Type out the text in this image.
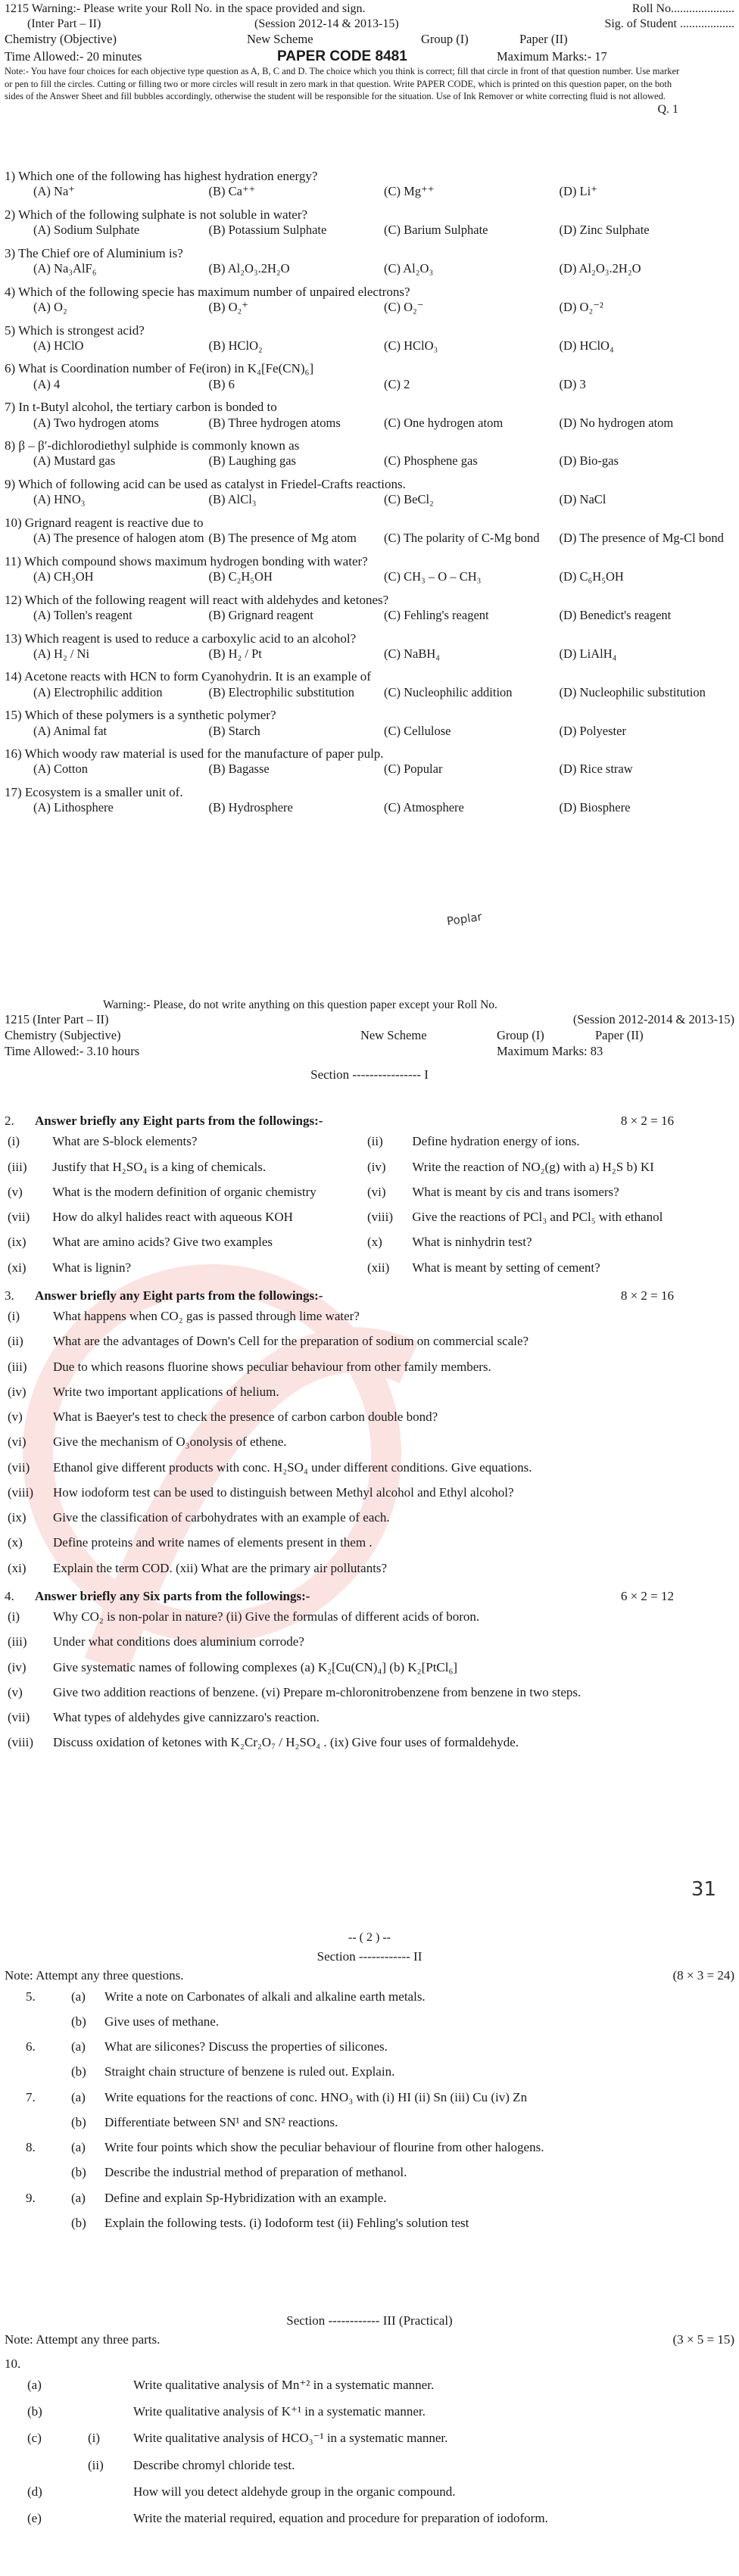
1215 Warning:- Please write your Roll No. in the space provided and sign.	Roll No.....................
(Inter Part – II)	(Session 2012-14 & 2013-15)	Sig. of Student ..................
Chemistry (Objective)	New Scheme	Group (I)	Paper (II)
Time Allowed:- 20 minutes	PAPER CODE 8481	Maximum Marks:- 17
Note:- You have four choices for each objective type question as A, B, C and D. The choice which you think is correct; fill that circle in front of that question number. Use marker or pen to fill the circles. Cutting or filling two or more circles will result in zero mark in that question. Write PAPER CODE, which is printed on this question paper, on the both sides of the Answer Sheet and fill bubbles accordingly, otherwise the student will be responsible for the situation. Use of Ink Remover or white correcting fluid is not allowed.
Q. 1
1) Which one of the following has highest hydration energy?
(A) Na⁺	(B) Ca⁺⁺	(C) Mg⁺⁺	(D) Li⁺
2) Which of the following sulphate is not soluble in water?
(A) Sodium Sulphate	(B) Potassium Sulphate	(C) Barium Sulphate	(D) Zinc Sulphate
3) The Chief ore of Aluminium is?
(A) Na₃AlF₆	(B) Al₂O₃.2H₂O	(C) Al₂O₃	(D) Al₂O₃.2H₂O
4) Which of the following specie has maximum number of unpaired electrons?
(A) O₂	(B) O₂⁺	(C) O₂⁻	(D) O₂⁻²
5) Which is strongest acid?
(A) HClO	(B) HClO₂	(C) HClO₃	(D) HClO₄
6) What is Coordination number of Fe(iron) in K₄[Fe(CN)₆]
(A) 4	(B) 6	(C) 2	(D) 3
7) In t-Butyl alcohol, the tertiary carbon is bonded to
(A) Two hydrogen atoms	(B) Three hydrogen atoms	(C) One hydrogen atom	(D) No hydrogen atom
8) β – β′-dichlorodiethyl sulphide is commonly known as
(A) Mustard gas	(B) Laughing gas	(C) Phosphene gas	(D) Bio-gas
9) Which of following acid can be used as catalyst in Friedel-Crafts reactions.
(A) HNO₃	(B) AlCl₃	(C) BeCl₂	(D) NaCl
10) Grignard reagent is reactive due to
(A) The presence of halogen atom (B) The presence of Mg atom	(C) The polarity of C-Mg bond	(D) The presence of Mg-Cl bond
11) Which compound shows maximum hydrogen bonding with water?
(A) CH₃OH	(B) C₂H₅OH	(C) CH₃ – O – CH₃	(D) C₆H₅OH
12) Which of the following reagent will react with aldehydes and ketones?
(A) Tollen's reagent	(B) Grignard reagent	(C) Fehling's reagent	(D) Benedict's reagent
13) Which reagent is used to reduce a carboxylic acid to an alcohol?
(A) H₂ / Ni	(B) H₂ / Pt	(C) NaBH₄	(D) LiAlH₄
14) Acetone reacts with HCN to form Cyanohydrin. It is an example of
(A) Electrophilic addition	(B) Electrophilic substitution	(C) Nucleophilic addition	(D) Nucleophilic substitution
15) Which of these polymers is a synthetic polymer?
(A) Animal fat	(B) Starch	(C) Cellulose	(D) Polyester
16) Which woody raw material is used for the manufacture of paper pulp.
(A) Cotton	(B) Bagasse	(C) Popular	(D) Rice straw
17) Ecosystem is a smaller unit of.
(A) Lithosphere	(B) Hydrosphere	(C) Atmosphere	(D) Biosphere
Poplar
Warning:- Please, do not write anything on this question paper except your Roll No.
1215 (Inter Part – II)	(Session 2012-2014 & 2013-15)
Chemistry (Subjective)	New Scheme	Group (I)	Paper (II)
Time Allowed:- 3.10 hours	Maximum Marks: 83
Section ---------------- I
2.	Answer briefly any Eight parts from the followings:-	8 × 2 = 16
(i)	What are S-block elements?	(ii)	Define hydration energy of ions.
(iii)	Justify that H₂SO₄ is a king of chemicals.	(iv)	Write the reaction of NO₂(g) with a) H₂S b) KI
(v)	What is the modern definition of organic chemistry	(vi)	What is meant by cis and trans isomers?
(vii)	How do alkyl halides react with aqueous KOH	(viii)	Give the reactions of PCl₃ and PCl₅ with ethanol
(ix)	What are amino acids? Give two examples	(x)	What is ninhydrin test?
(xi)	What is lignin?	(xii)	What is meant by setting of cement?
3.	Answer briefly any Eight parts from the followings:-	8 × 2 = 16
(i)	What happens when CO₂ gas is passed through lime water?
(ii)	What are the advantages of Down's Cell for the preparation of sodium on commercial scale?
(iii)	Due to which reasons fluorine shows peculiar behaviour from other family members.
(iv)	Write two important applications of helium.
(v)	What is Baeyer's test to check the presence of carbon carbon double bond?
(vi)	Give the mechanism of O₃onolysis of ethene.
(vii)	Ethanol give different products with conc. H₂SO₄ under different conditions. Give equations.
(viii)	How iodoform test can be used to distinguish between Methyl alcohol and Ethyl alcohol?
(ix)	Give the classification of carbohydrates with an example of each.
(x)	Define proteins and write names of elements present in them .
(xi)	Explain the term COD. (xii) What are the primary air pollutants?
4.	Answer briefly any Six parts from the followings:-	6 × 2 = 12
(i)	Why CO₂ is non-polar in nature? (ii) Give the formulas of different acids of boron.
(iii)	Under what conditions does aluminium corrode?
(iv)	Give systematic names of following complexes (a) K₂[Cu(CN)₄] (b) K₂[PtCl₆]
(v)	Give two addition reactions of benzene. (vi) Prepare m-chloronitrobenzene from benzene in two steps.
(vii)	What types of aldehydes give cannizzaro's reaction.
(viii)	Discuss oxidation of ketones with K₂Cr₂O₇ / H₂SO₄ . (ix) Give four uses of formaldehyde.
31
-- ( 2 ) --
Section ------------ II
Note: Attempt any three questions.	(8 × 3 = 24)
5.	(a)	Write a note on Carbonates of alkali and alkaline earth metals.
(b)	Give uses of methane.
6.	(a)	What are silicones? Discuss the properties of silicones.
(b)	Straight chain structure of benzene is ruled out. Explain.
7.	(a)	Write equations for the reactions of conc. HNO₃ with (i) HI (ii) Sn (iii) Cu (iv) Zn
(b)	Differentiate between SN¹ and SN² reactions.
8.	(a)	Write four points which show the peculiar behaviour of flourine from other halogens.
(b)	Describe the industrial method of preparation of methanol.
9.	(a)	Define and explain Sp-Hybridization with an example.
(b)	Explain the following tests. (i) Iodoform test (ii) Fehling's solution test
Section ------------ III (Practical)
Note: Attempt any three parts.	(3 × 5 = 15)
10.
(a)	Write qualitative analysis of Mn⁺² in a systematic manner.
(b)	Write qualitative analysis of K⁺¹ in a systematic manner.
(c)	(i)	Write qualitative analysis of HCO₃⁻¹ in a systematic manner.
(ii)	Describe chromyl chloride test.
(d)	How will you detect aldehyde group in the organic compound.
(e)	Write the material required, equation and procedure for preparation of iodoform.
